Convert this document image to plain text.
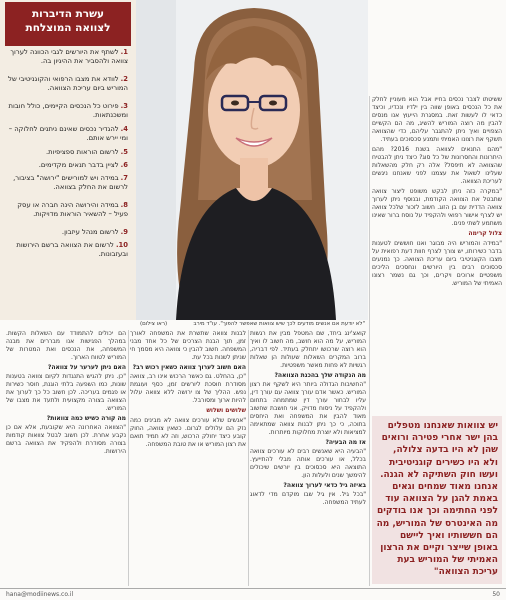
עשרת הדיברות
לצוואה המוצלחת
1.לשתף את היורשים לגבי הכוונה לערוך צוואה ולהסביר את ההיגיון בה.
2.לוודא את מצבו הרפואי והקוגניטיבי של המוריש ביום עריכת הצוואה.
3.פירוט כל הנכסים הקיימים, כולל חובות ומשכנתאות.
4.להגדיר נכסים שאינם ניתנים לחלוקה – ומי יירש אותם.
5.לרשום הוראות ספציפיות.
6.לציין בדבר תנאים מקדימים.
7.במידה ויש למורישים "ירושה" בציבור, לרשום את החלק בצוואה.
8.במידה והירושה הינה חברה או עסק פעיל – להשאיר הוראות מדויקות.
9.לרשום מנהל עיזבון.
10.לרשום את הצוואה ברשם הירושות ובעזבונות.
"לא יודעת אם אנשים מודעים לכך שיש צוואות שאפשר להפוך". עו"ד מירב
(ראו צילום)

ששיטתו לצבר נכסים בחייו אבל הוא מעוניין לחלק את כל הנכסים באופן שווה בין ילדיו ונכדיו, וכיצד כדאי לו לעשות זאת. במסגרת הייעוץ אנו מנסים להבין מה רוצה המוריש להשיג, מה הם הקשיים הצפויים ואיך ניתן להתגבר עליהם, כדי שהצוואה תשקף את רצונו האמיתי ותמנע סכסוכים בעתיד.

"מהם התנאים לצוואה בשנת 2016? מהם היתרונות והחסרונות של כל סוג? כיצד ניתן להבטיח שהצוואה לא תיפסל? אלה רק חלק מהשאלות שעלינו לשאול את עצמנו לפני שאנחנו ניגשים לעריכת הצוואה.

"במקרה כזה ניתן לבקש משופט ליצור צוואה שתבטל את הצוואה הקודמת, ובנוסף ניתן לערוך צוואה הדדית עם בן הזוג. חשוב לזכור שלכל צוואה יש לצרף אישור רפואי ולהקפיד על נוסח ברור שאינו משתמע לשתי פנים.

צלול קרימה

"במידה והמוריש היה מבוגר ואנו חוששים לטענות בדבר כשירותו, יש צורך לצרף חוות דעת רפואית על מצבו הקוגניטיבי ביום עריכת הצוואה. כך נמנעים סכסוכים רבים בין היורשים ונחסכים הליכים משפטיים ארוכים ויקרים, וכך גם נשמר רצונו האמיתי של המוריש.

יש צוואות שאנחנו מטפלים בהן ישר אחרי פטירה ורואים שהן לא היו בדעה צלולה, ולא היו כשירים קוגניטיבית ועשו חוק השתיקה לא הגנה. אנחנו מאוד שמחים וגאים באמת להגן על הצוואה עוד לפני החתימה וכך אנו בודקים מה האינטרס של המוריש, מה הם חששותיו ואיך ליישם באופן שייצר וקיים את הרצון האמיתי של המוריש בעת עריכת הצוואה"

קואצ'ינג ביחד, שם המטפל מבין את רגשות המוריש, על מה הוא חושב, מה חשוב לו ואיך הוא רוצה שרכושו יתחלק בעתיד. לפי דבריה, ברוב המקרים השאלות שעולות הן שאלות רגשיות לא פחות מאשר משפטיות.

מה הנקודה שלך בהכנת הצוואה?

"החשיבות הגדולה ביותר היא לשקף את רצון המוריש. כאשר אדם עורך צוואה עם עורך דין, עליו לבחור עורך דין שמתמחה בתחום ולהקפיד על ניסוח מדויק. אני חושבת שחשוב מאוד להבין את המשפחה ואת היחסים בתוכה, כי כך ניתן לבנות צוואה שמתאימה למציאות ולא יוצרת מחלוקות מיותרות.

אז מה הבעיה?

"הבעיה היא שאנשים רבים לא עורכים צוואה בכלל, או עורכים אותה מבלי להתייעץ. התוצאה היא סכסוכים בין יורשים שיכולים להימשך שנים ולעלות הון.

באיזה גיל כדאי לערוך צוואה?

"בכל גיל. אין גיל שבו מוקדם מדי לדאוג לעתיד המשפחה.

לבנות צוואה שתשרת את המשפחה לאורך זמן, תוך הבנת הצרכים של כל אחד מבני המשפחה. חשוב להבין כי צוואה היא מסמך חי שניתן לשנות בכל עת.

האם חשוב לערוך צוואה כשאין רכוש רב?

"כן, בהחלט. גם כאשר הרכוש אינו רב, צוואה מסודרת חוסכת ליורשים זמן, כסף ועוגמת נפש. ההליך של צו ירושה ללא צוואה עלול להיות ארוך ומסורבל.

שלושים ושלוש

"אנשים שלא עורכים צוואה לא מבינים כמה נזק הם עלולים לגרום. כשאין צוואה, החוק קובע כיצד יחולק הרכוש, וזה לא תמיד תואם את רצון המוריש או את טובת המשפחה.

הם יכולים להתמודד עם השאלות הקשות. במהלך הפגישות אנו מבררים את מבנה המשפחה, את הנכסים ואת המטרות של המוריש לטווח הארוך.

האם ניתן לערער על צוואה?

"כן. ניתן להגיש התנגדות לקיום צוואה בטענות שונות, כמו השפעה בלתי הוגנת, חוסר כשירות או פגמים בעריכה. לכן חשוב כל כך לערוך את הצוואה בצורה מקצועית ולתעד את מצבו של המוריש.

מה קורה כשיש כמה צוואות?

"הצוואה האחרונה היא שקובעת, אלא אם כן נקבע אחרת. לכן חשוב לבטל צוואות קודמות בצורה מסודרת ולהפקיד את הצוואה ברשם הירושות.

hana@modiinews.co.il	50
